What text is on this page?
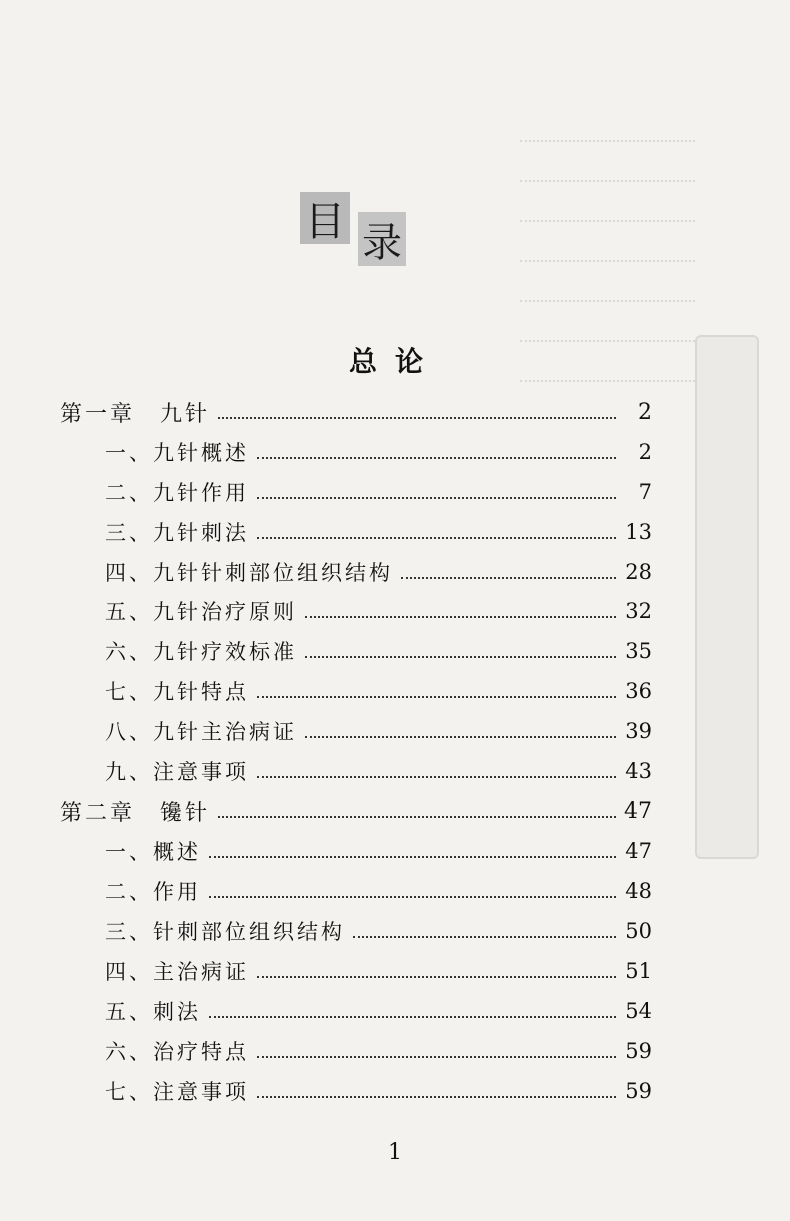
目 录
总论
第一章　九针	2
一、九针概述	2
二、九针作用	7
三、九针刺法	13
四、九针针刺部位组织结构	28
五、九针治疗原则	32
六、九针疗效标准	35
七、九针特点	36
八、九针主治病证	39
九、注意事项	43
第二章　镵针	47
一、概述	47
二、作用	48
三、针刺部位组织结构	50
四、主治病证	51
五、刺法	54
六、治疗特点	59
七、注意事项	59
1
